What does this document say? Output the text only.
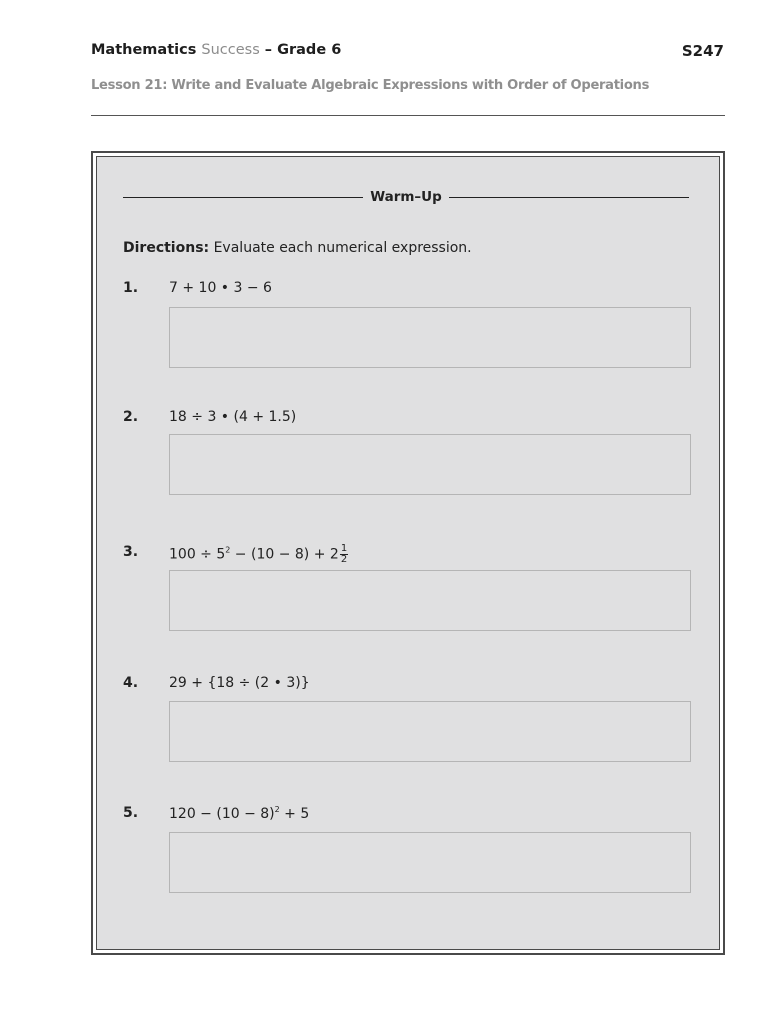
Mathematics Success – Grade 6	S247
Lesson 21: Write and Evaluate Algebraic Expressions with Order of Operations
Warm–Up
Directions: Evaluate each numerical expression.
1. 7 + 10 • 3 − 6
2. 18 ÷ 3 • (4 + 1.5)
3. $100 \div 5^2 - (10 - 8) + 2 \frac{1}{2}$
4. 29 + {18 ÷ (2 • 3)}
5. $120 - (10 - 8)^2 + 5$
